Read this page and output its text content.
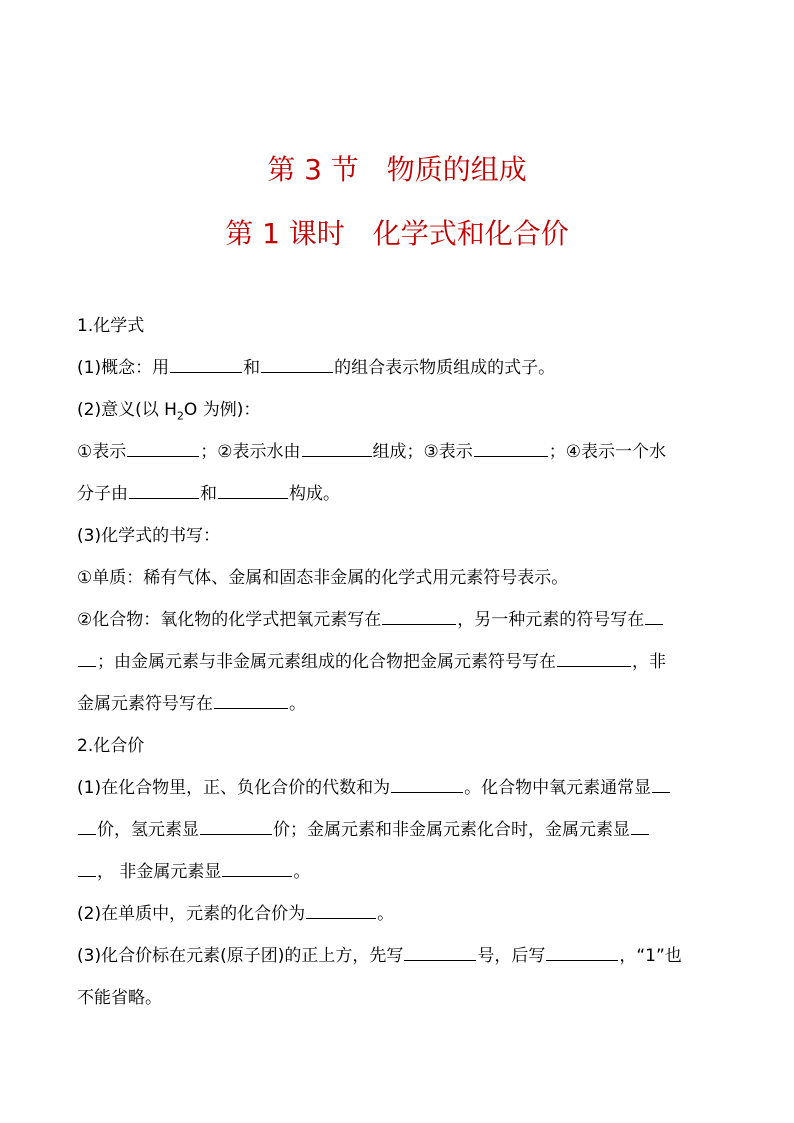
第 3 节　物质的组成
第 1 课时　化学式和化合价
1.化学式
(1)概念：用	和	的组合表示物质组成的式子。
(2)意义(以 $H_2O$ 为例)：
①表示	；②表示水由	组成；③表示	；④表示一个水
分子由	和	构成。
(3)化学式的书写：
①单质：稀有气体、金属和固态非金属的化学式用元素符号表示。
②化合物：氧化物的化学式把氧元素写在	，另一种元素的符号写在
；由金属元素与非金属元素组成的化合物把金属元素符号写在	，非
金属元素符号写在	。
2.化合价
(1)在化合物里，正、负化合价的代数和为	。化合物中氧元素通常显
价，氢元素显	价；金属元素和非金属元素化合时，金属元素显
， 非金属元素显	。
(2)在单质中，元素的化合价为	。
(3)化合价标在元素(原子团)的正上方，先写	号，后写	，“1”也
不能省略。
